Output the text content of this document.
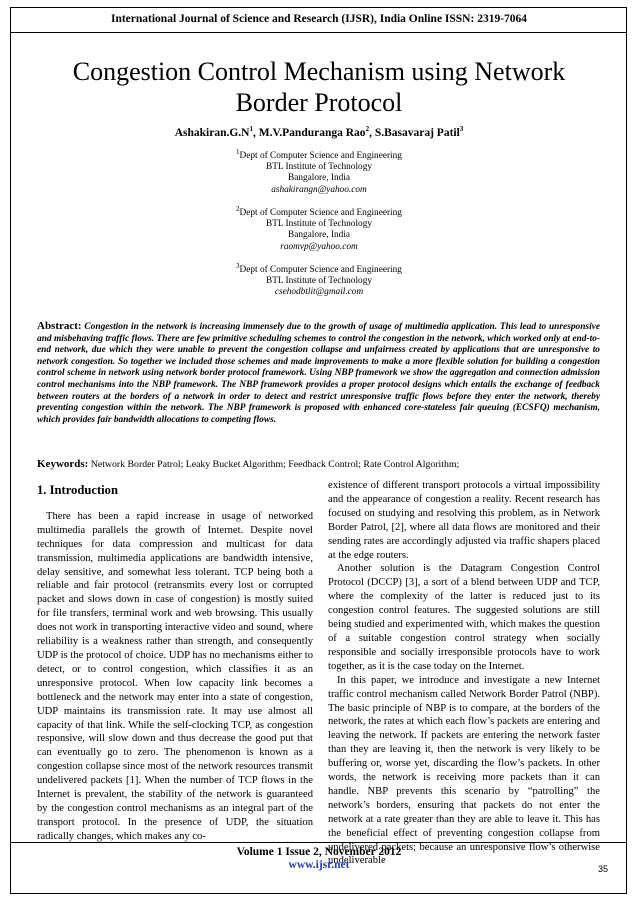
International Journal of Science and Research (IJSR), India Online ISSN: 2319-7064
Congestion Control Mechanism using Network Border Protocol
$Ashakiran.G.N^1$, M.V.Panduranga Rao$^2$, S.Basavaraj Patil$^3$
$^1$Dept of Computer Science and Engineering
BTL Institute of Technology
Bangalore, India
ashakirangn@yahoo.com
$^2$Dept of Computer Science and Engineering
BTL Institute of Technology
Bangalore, India
raomvp@yahoo.com
$^3$Dept of Computer Science and Engineering
BTL Institute of Technology
csehodbtlit@gmail.com
Abstract: Congestion in the network is increasing immensely due to the growth of usage of multimedia application. This lead to unresponsive and misbehaving traffic flows. There are few primitive scheduling schemes to control the congestion in the network, which worked only at end-to-end network, due which they were unable to prevent the congestion collapse and unfairness created by applications that are unresponsive to network congestion. So together we included those schemes and made improvements to make a more flexible solution for building a congestion control scheme in network using network border protocol framework. Using NBP framework we show the aggregation and connection admission control mechanisms into the NBP framework. The NBP framework provides a proper protocol designs which entails the exchange of feedback between routers at the borders of a network in order to detect and restrict unresponsive traffic flows before they enter the network, thereby preventing congestion within the network. The NBP framework is proposed with enhanced core-stateless fair queuing (ECSFQ) mechanism, which provides fair bandwidth allocations to competing flows.
Keywords: Network Border Patrol; Leaky Bucket Algorithm; Feedback Control; Rate Control Algorithm;
1. Introduction

There has been a rapid increase in usage of networked multimedia parallels the growth of Internet. Despite novel techniques for data compression and multicast for data transmission, multimedia applications are bandwidth intensive, delay sensitive, and somewhat less tolerant. TCP being both a reliable and fair protocol (retransmits every lost or corrupted packet and slows down in case of congestion) is mostly suited for file transfers, terminal work and web browsing. This usually does not work in transporting interactive video and sound, where reliability is a weakness rather than strength, and consequently UDP is the protocol of choice. UDP has no mechanisms either to detect, or to control congestion, which classifies it as an unresponsive protocol. When low capacity link becomes a bottleneck and the network may enter into a state of congestion, UDP maintains its transmission rate. It may use almost all capacity of that link. While the self-clocking TCP, as congestion responsive, will slow down and thus decrease the good put that can eventually go to zero. The phenomenon is known as a congestion collapse since most of the network resources transmit undelivered packets [1]. When the number of TCP flows in the Internet is prevalent, the stability of the network is guaranteed by the congestion control mechanisms as an integral part of the transport protocol. In the presence of UDP, the situation radically changes, which makes any co-

existence of different transport protocols a virtual impossibility and the appearance of congestion a reality. Recent research has focused on studying and resolving this problem, as in Network Border Patrol, [2], where all data flows are monitored and their sending rates are accordingly adjusted via traffic shapers placed at the edge routers.

Another solution is the Datagram Congestion Control Protocol (DCCP) [3], a sort of a blend between UDP and TCP, where the complexity of the latter is reduced just to its congestion control features. The suggested solutions are still being studied and experimented with, which makes the question of a suitable congestion control strategy when socially responsible and socially irresponsible protocols have to work together, as it is the case today on the Internet.

In this paper, we introduce and investigate a new Internet traffic control mechanism called Network Border Patrol (NBP). The basic principle of NBP is to compare, at the borders of the network, the rates at which each flow’s packets are entering and leaving the network. If packets are entering the network faster than they are leaving it, then the network is very likely to be buffering or, worse yet, discarding the flow’s packets. In other words, the network is receiving more packets than it can handle. NBP prevents this scenario by “patrolling” the network’s borders, ensuring that packets do not enter the network at a rate greater than they are able to leave it. This has the beneficial effect of preventing congestion collapse from undelivered packets; because an unresponsive flow’s otherwise undeliverable

Volume 1 Issue 2, November 2012
www.ijsr.net	35
